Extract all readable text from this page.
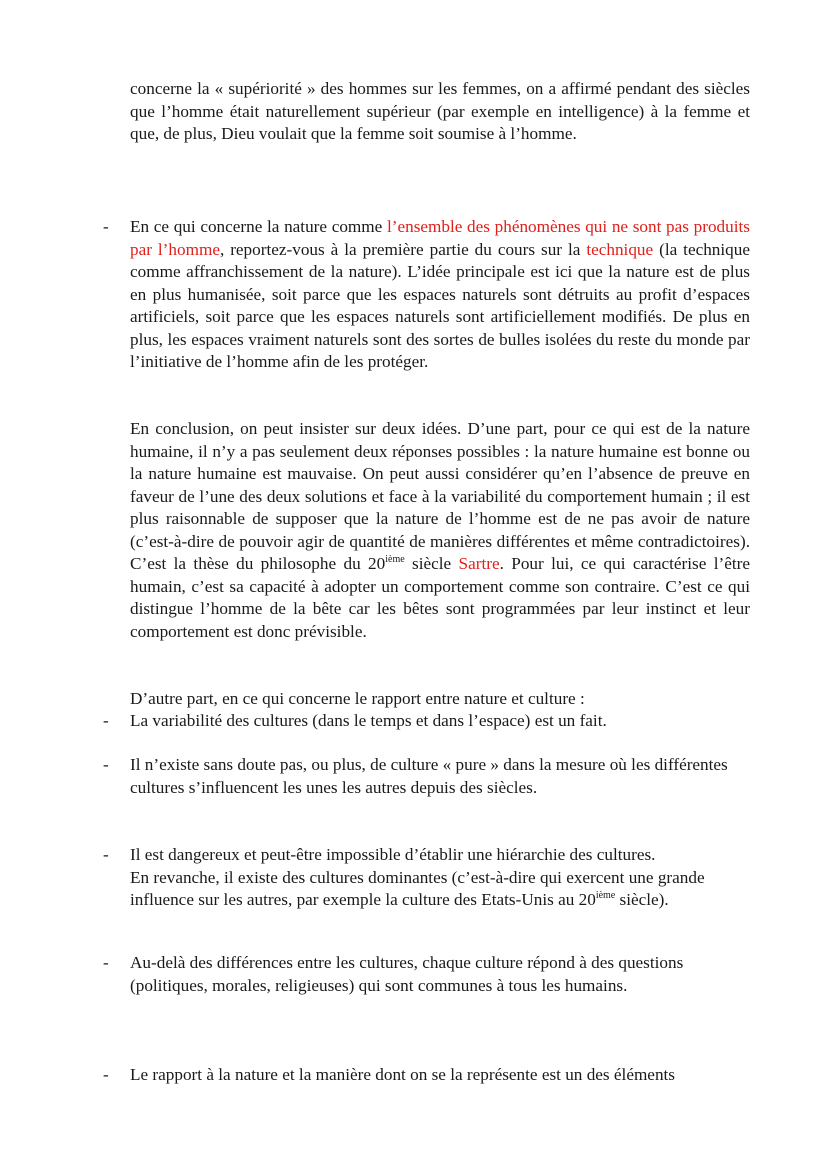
concerne la « supériorité » des hommes sur les femmes, on a affirmé pendant des siècles que l’homme était naturellement supérieur (par exemple en intelligence) à la femme et que, de plus, Dieu voulait que la femme soit soumise à l’homme.

- En ce qui concerne la nature comme l’ensemble des phénomènes qui ne sont pas produits par l’homme, reportez-vous à la première partie du cours sur la technique (la technique comme affranchissement de la nature). L’idée principale est ici que la nature est de plus en plus humanisée, soit parce que les espaces naturels sont détruits au profit d’espaces artificiels, soit parce que les espaces naturels sont artificiellement modifiés. De plus en plus, les espaces vraiment naturels sont des sortes de bulles isolées du reste du monde par l’initiative de l’homme afin de les protéger.

En conclusion, on peut insister sur deux idées. D’une part, pour ce qui est de la nature humaine, il n’y a pas seulement deux réponses possibles : la nature humaine est bonne ou la nature humaine est mauvaise. On peut aussi considérer qu’en l’absence de preuve en faveur de l’une des deux solutions et face à la variabilité du comportement humain ; il est plus raisonnable de supposer que la nature de l’homme est de ne pas avoir de nature (c’est-à-dire de pouvoir agir de quantité de manières différentes et même contradictoires). C’est la thèse du philosophe du 20ième siècle Sartre. Pour lui, ce qui caractérise l’être humain, c’est sa capacité à adopter un comportement comme son contraire. C’est ce qui distingue l’homme de la bête car les bêtes sont programmées par leur instinct et leur comportement est donc prévisible.

D’autre part, en ce qui concerne le rapport entre nature et culture :

- La variabilité des cultures (dans le temps et dans l’espace) est un fait.

- Il n’existe sans doute pas, ou plus, de culture « pure » dans la mesure où les différentes cultures s’influencent les unes les autres depuis des siècles.

- Il est dangereux et peut-être impossible d’établir une hiérarchie des cultures.
En revanche, il existe des cultures dominantes (c’est-à-dire qui exercent une grande influence sur les autres, par exemple la culture des Etats-Unis au 20ième siècle).

- Au-delà des différences entre les cultures, chaque culture répond à des questions (politiques, morales, religieuses) qui sont communes à tous les humains.

- Le rapport à la nature et la manière dont on se la représente est un des éléments
